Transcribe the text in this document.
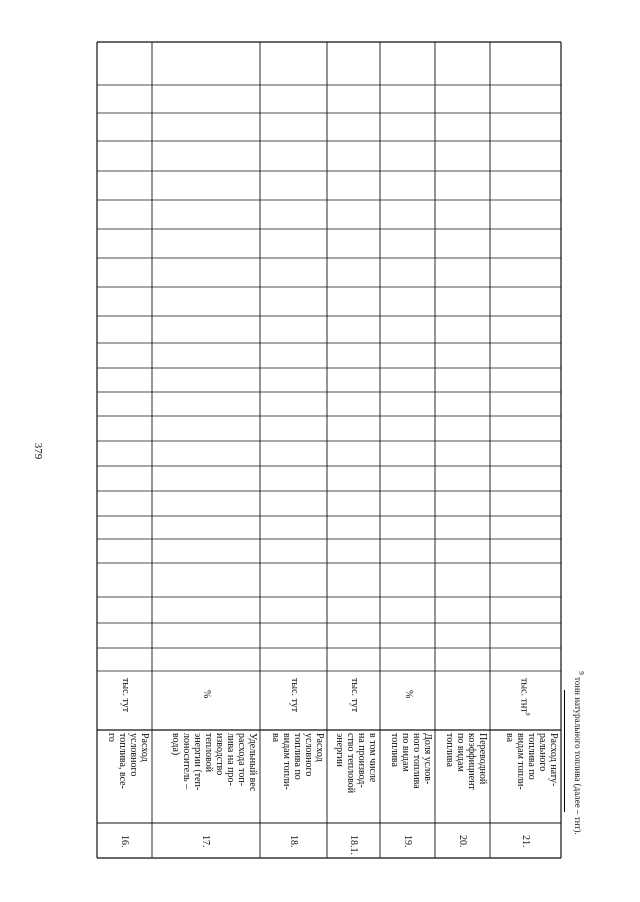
379
16.
Расход
условного
топлива, все-
го
тыс. тут
17.
Удельный вес
расхода топ-
лива на про-
изводство
тепловой
энергии (теп-
лоноситель –
вода)
%
18.
Расход
условного
топлива по
видам топли-
ва
тыс. тут
18.1.
в том числе
на производ-
ство тепловой
энергии
тыс. тут
19.
Доля услов-
ного топлива
по видам
топлива
%
20.
Переводной
коэффициент
по видам
топлива
21.
Расход нату-
рального
топлива по
видам топли-
ва
тыс. тнт$^9$
$^9$ тонн натурального топлива (далее – тнт).
